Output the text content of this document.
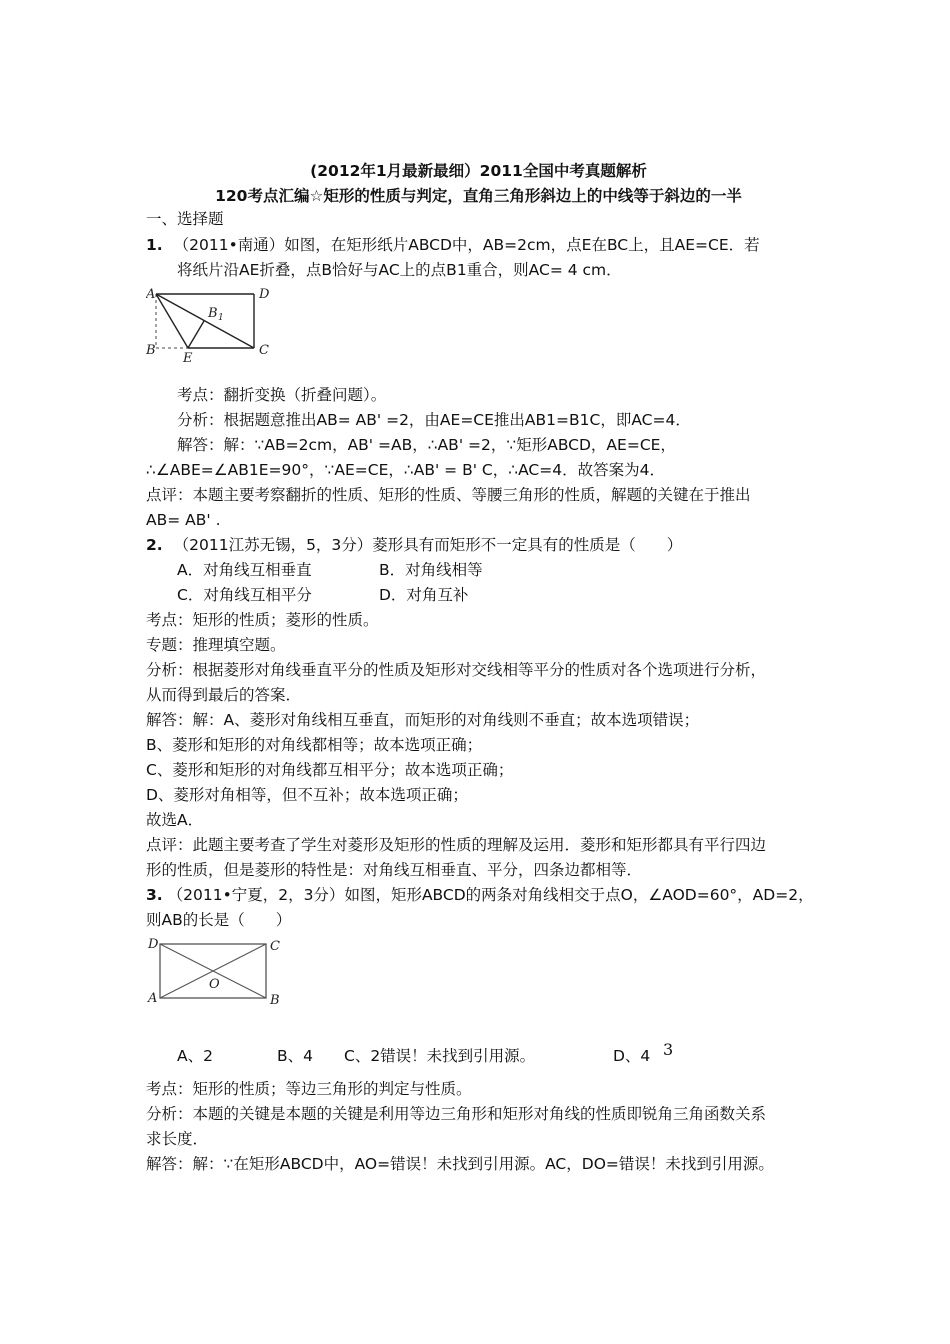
(2012年1月最新最细）2011全国中考真题解析
120考点汇编☆矩形的性质与判定，直角三角形斜边上的中线等于斜边的一半
一、选择题
1. （2011•南通）如图，在矩形纸片ABCD中，AB=2cm，点E在BC上，且AE=CE．若
将纸片沿AE折叠，点B恰好与AC上的点B1重合，则AC= 4 cm．
A	D
B 1
B
E
C
考点：翻折变换（折叠问题）。
分析：根据题意推出AB= AB' =2，由AE=CE推出AB1=B1C，即AC=4．
解答：解：∵AB=2cm，AB' =AB，∴AB' =2，∵矩形ABCD，AE=CE，
∴∠ABE=∠AB1E=90°，∵AE=CE，∴AB' = B' C，∴AC=4．故答案为4．
点评：本题主要考察翻折的性质、矩形的性质、等腰三角形的性质，解题的关键在于推出
AB= AB' .
2. （2011江苏无锡，5，3分）菱形具有而矩形不一定具有的性质是（　　）
A．对角线互相垂直	B．对角线相等
C．对角线互相平分	D．对角互补
考点：矩形的性质；菱形的性质。
专题：推理填空题。
分析：根据菱形对角线垂直平分的性质及矩形对交线相等平分的性质对各个选项进行分析，
从而得到最后的答案．
解答：解：A、菱形对角线相互垂直，而矩形的对角线则不垂直；故本选项错误；
B、菱形和矩形的对角线都相等；故本选项正确；
C、菱形和矩形的对角线都互相平分；故本选项正确；
D、菱形对角相等，但不互补；故本选项正确；
故选A．
点评：此题主要考查了学生对菱形及矩形的性质的理解及运用．菱形和矩形都具有平行四边
形的性质，但是菱形的特性是：对角线互相垂直、平分，四条边都相等．
3. （2011•宁夏，2，3分）如图，矩形ABCD的两条对角线相交于点O，∠AOD=60°，AD=2，
则AB的长是（　　）
D	C
O
A	B
A、2	B、4 C、2错误！未找到引用源。	D、4 3
考点：矩形的性质；等边三角形的判定与性质。
分析：本题的关键是本题的关键是利用等边三角形和矩形对角线的性质即锐角三角函数关系
求长度．
解答：解：∵在矩形ABCD中，AO=错误！未找到引用源。AC，DO=错误！未找到引用源。
